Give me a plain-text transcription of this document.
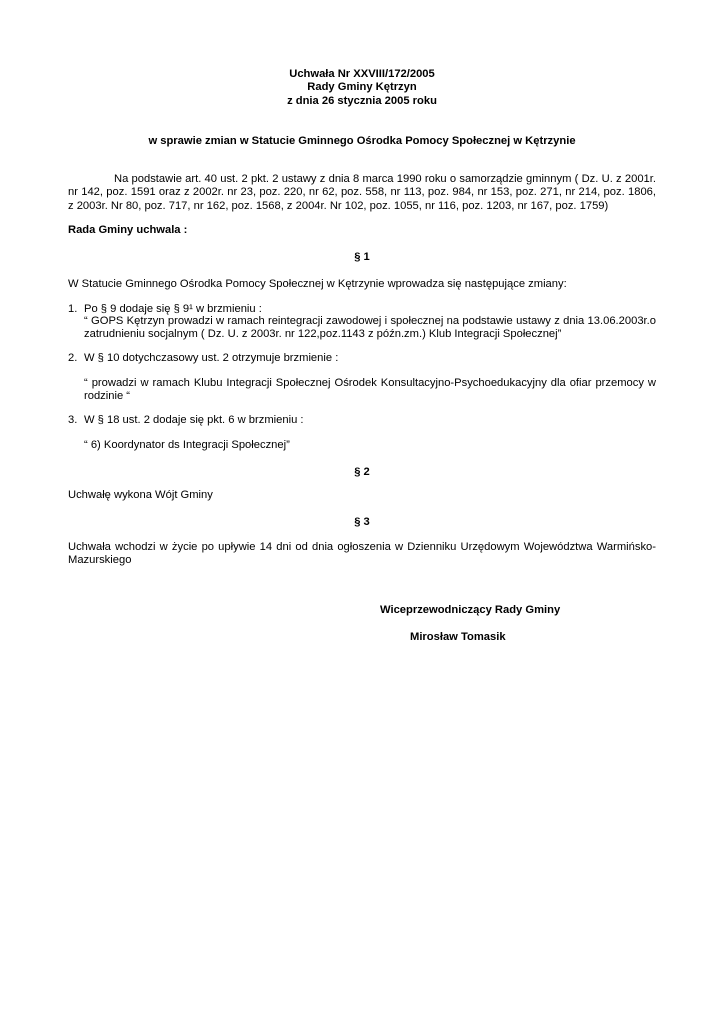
Uchwała Nr XXVIII/172/2005
Rady Gminy Kętrzyn
z dnia 26 stycznia 2005 roku
w sprawie zmian w Statucie Gminnego Ośrodka Pomocy Społecznej w Kętrzynie
Na podstawie art. 40 ust. 2 pkt. 2 ustawy z dnia 8 marca 1990 roku o samorządzie gminnym ( Dz. U. z 2001r. nr 142, poz. 1591 oraz z 2002r. nr 23, poz. 220, nr 62, poz. 558, nr 113, poz. 984, nr 153, poz. 271, nr 214, poz. 1806, z 2003r. Nr 80, poz. 717, nr 162, poz. 1568, z 2004r. Nr 102, poz. 1055, nr 116, poz. 1203, nr 167, poz. 1759)
Rada Gminy uchwala :
§ 1
W Statucie Gminnego Ośrodka Pomocy Społecznej w Kętrzynie wprowadza się następujące zmiany:
1. Po § 9 dodaje się § 9¹ w brzmieniu :
“ GOPS Kętrzyn prowadzi w ramach reintegracji zawodowej i społecznej na podstawie ustawy z dnia 13.06.2003r.o zatrudnieniu socjalnym ( Dz. U. z 2003r. nr 122,poz.1143 z późn.zm.) Klub Integracji Społecznej”
2. W § 10 dotychczasowy ust. 2 otrzymuje brzmienie :
“ prowadzi w ramach Klubu Integracji Społecznej Ośrodek Konsultacyjno-Psychoedukacyjny dla ofiar przemocy w rodzinie “
3. W § 18 ust. 2 dodaje się pkt. 6 w brzmieniu :
“ 6) Koordynator ds Integracji Społecznej”
§ 2
Uchwałę wykona Wójt Gminy
§ 3
Uchwała wchodzi w życie po upływie 14 dni od dnia ogłoszenia w Dzienniku Urzędowym Województwa Warmińsko-Mazurskiego
Wiceprzewodniczący Rady Gminy
Mirosław Tomasik
